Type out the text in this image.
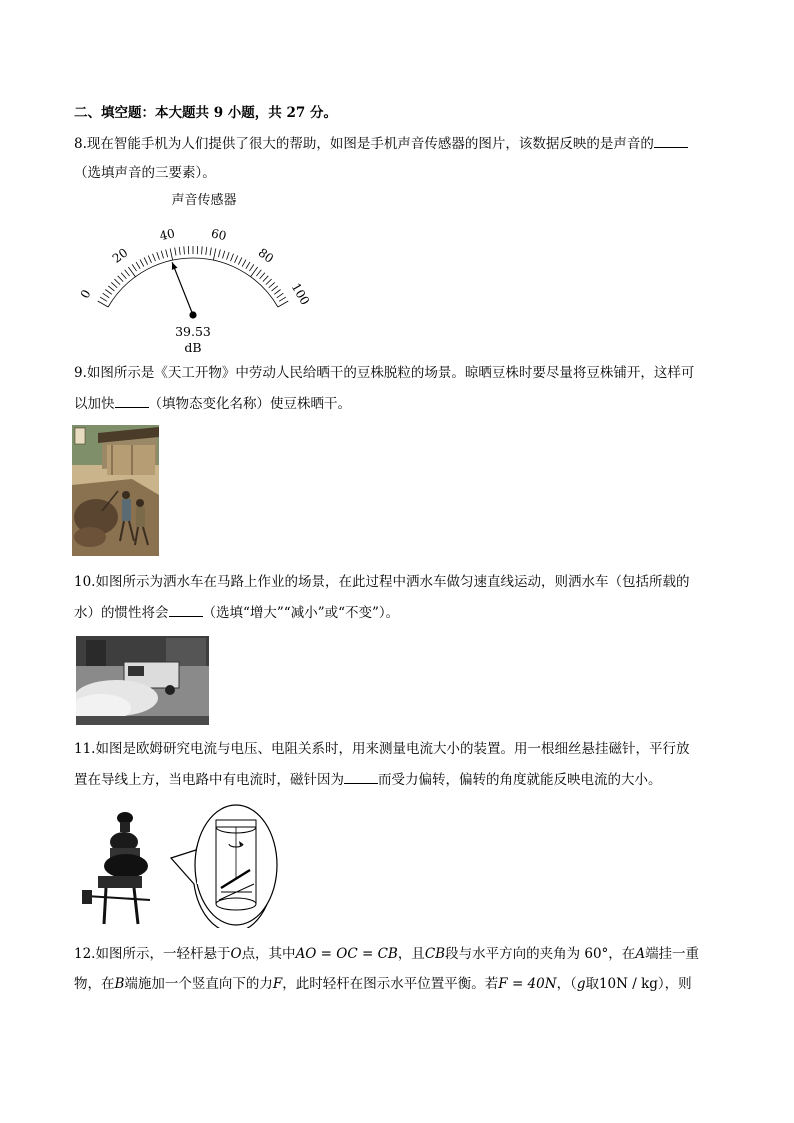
二、填空题：本大题共 9 小题，共 27 分。
8.现在智能手机为人们提供了很大的帮助，如图是手机声音传感器的图片，该数据反映的是声音的
（选填声音的三要素）。
声音传感器
0
20
40	60
80
100
39.53
dB
9.如图所示是《天工开物》中劳动人民给晒干的豆株脱粒的场景。晾晒豆株时要尽量将豆株铺开，这样可
以加快	（填物态变化名称）使豆株晒干。
10.如图所示为洒水车在马路上作业的场景，在此过程中洒水车做匀速直线运动，则洒水车（包括所载的
水）的惯性将会	（选填“增大”“减小”或“不变”）。
11.如图是欧姆研究电流与电压、电阻关系时，用来测量电流大小的装置。用一根细丝悬挂磁针，平行放
置在导线上方，当电路中有电流时，磁针因为	而受力偏转，偏转的角度就能反映电流的大小。
12.如图所示，一轻杆悬于O点，其中AO = OC = CB，且CB段与水平方向的夹角为 60°，在A端挂一重
物，在B端施加一个竖直向下的力F，此时轻杆在图示水平位置平衡。若F = 40N，（g取10N / kg），则
